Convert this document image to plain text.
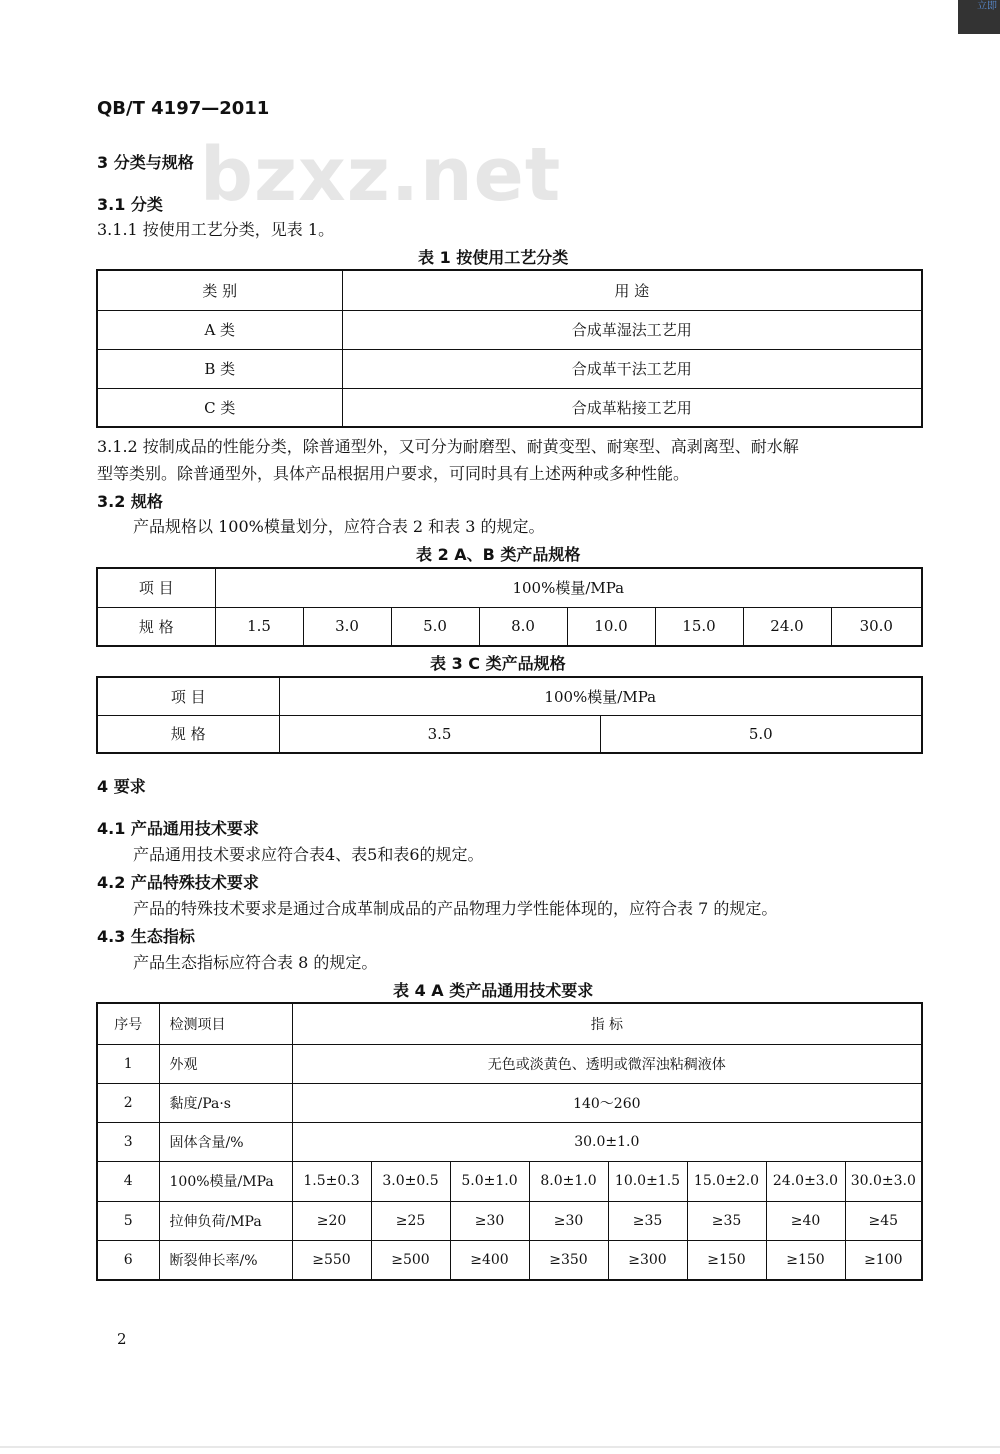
立即
bzxz.net
QB/T 4197—2011
3 分类与规格
3.1 分类
3.1.1 按使用工艺分类，见表 1。
表 1 按使用工艺分类
类 别	用 途
A 类	合成革湿法工艺用
B 类	合成革干法工艺用
C 类	合成革粘接工艺用
3.1.2 按制成品的性能分类，除普通型外，又可分为耐磨型、耐黄变型、耐寒型、高剥离型、耐水解
型等类别。除普通型外，具体产品根据用户要求，可同时具有上述两种或多种性能。
3.2 规格
产品规格以 100%模量划分，应符合表 2 和表 3 的规定。
表 2 A、B 类产品规格
项 目	100%模量/MPa							
规 格	1.5	3.0	5.0	8.0	10.0	15.0	24.0	30.0
表 3 C 类产品规格
项 目	100%模量/MPa	
规 格	3.5	5.0
4 要求
4.1 产品通用技术要求
产品通用技术要求应符合表4、表5和表6的规定。
4.2 产品特殊技术要求
产品的特殊技术要求是通过合成革制成品的产品物理力学性能体现的，应符合表 7 的规定。
4.3 生态指标
产品生态指标应符合表 8 的规定。
表 4 A 类产品通用技术要求
序号	检测项目	指 标							
1	外观	无色或淡黄色、透明或微浑浊粘稠液体							
2	黏度/Pa·s	140～260							
3	固体含量/%	30.0±1.0							
4	100%模量/MPa	1.5±0.3	3.0±0.5	5.0±1.0	8.0±1.0	10.0±1.5	15.0±2.0	24.0±3.0	30.0±3.0
5	拉伸负荷/MPa	≥20	≥25	≥30	≥30	≥35	≥35	≥40	≥45
6	断裂伸长率/%	≥550	≥500	≥400	≥350	≥300	≥150	≥150	≥100
2
